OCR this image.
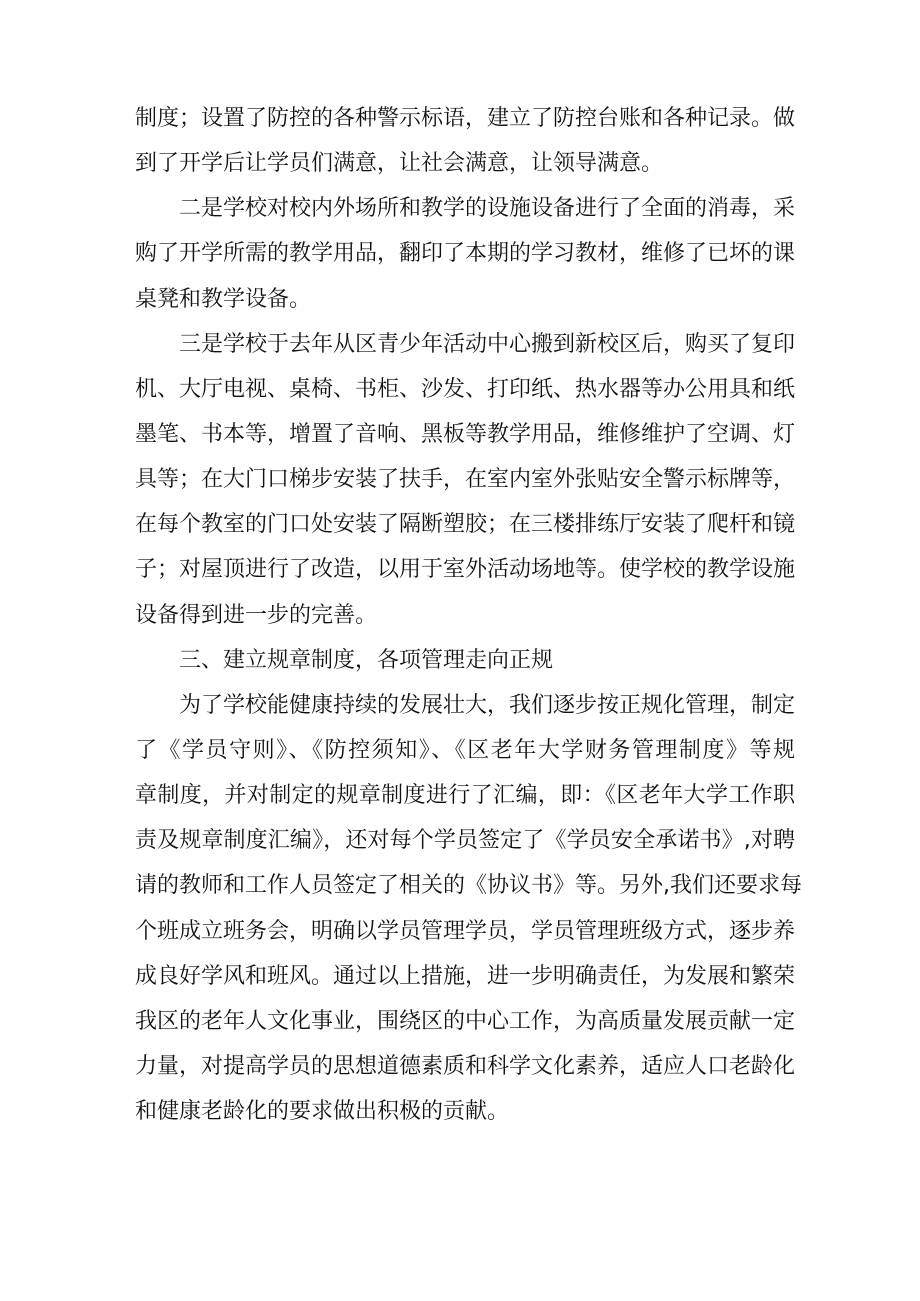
制度；设置了防控的各种警示标语，建立了防控台账和各种记录。做
到了开学后让学员们满意，让社会满意，让领导满意。
二是学校对校内外场所和教学的设施设备进行了全面的消毒，采
购了开学所需的教学用品，翻印了本期的学习教材，维修了已坏的课
桌凳和教学设备。
三是学校于去年从区青少年活动中心搬到新校区后，购买了复印
机、大厅电视、桌椅、书柜、沙发、打印纸、热水器等办公用具和纸
墨笔、书本等，增置了音响、黑板等教学用品，维修维护了空调、灯
具等；在大门口梯步安装了扶手，在室内室外张贴安全警示标牌等，
在每个教室的门口处安装了隔断塑胶；在三楼排练厅安装了爬杆和镜
子；对屋顶进行了改造，以用于室外活动场地等。使学校的教学设施
设备得到进一步的完善。
三、建立规章制度，各项管理走向正规
为了学校能健康持续的发展壮大，我们逐步按正规化管理，制定
了《学员守则》、《防控须知》、《区老年大学财务管理制度》等规
章制度，并对制定的规章制度进行了汇编，即：《区老年大学工作职
责及规章制度汇编》，还对每个学员签定了《学员安全承诺书》,对聘
请的教师和工作人员签定了相关的《协议书》等。另外,我们还要求每
个班成立班务会，明确以学员管理学员，学员管理班级方式，逐步养
成良好学风和班风。通过以上措施，进一步明确责任，为发展和繁荣
我区的老年人文化事业，围绕区的中心工作，为高质量发展贡献一定
力量，对提高学员的思想道德素质和科学文化素养，适应人口老龄化
和健康老龄化的要求做出积极的贡献。
